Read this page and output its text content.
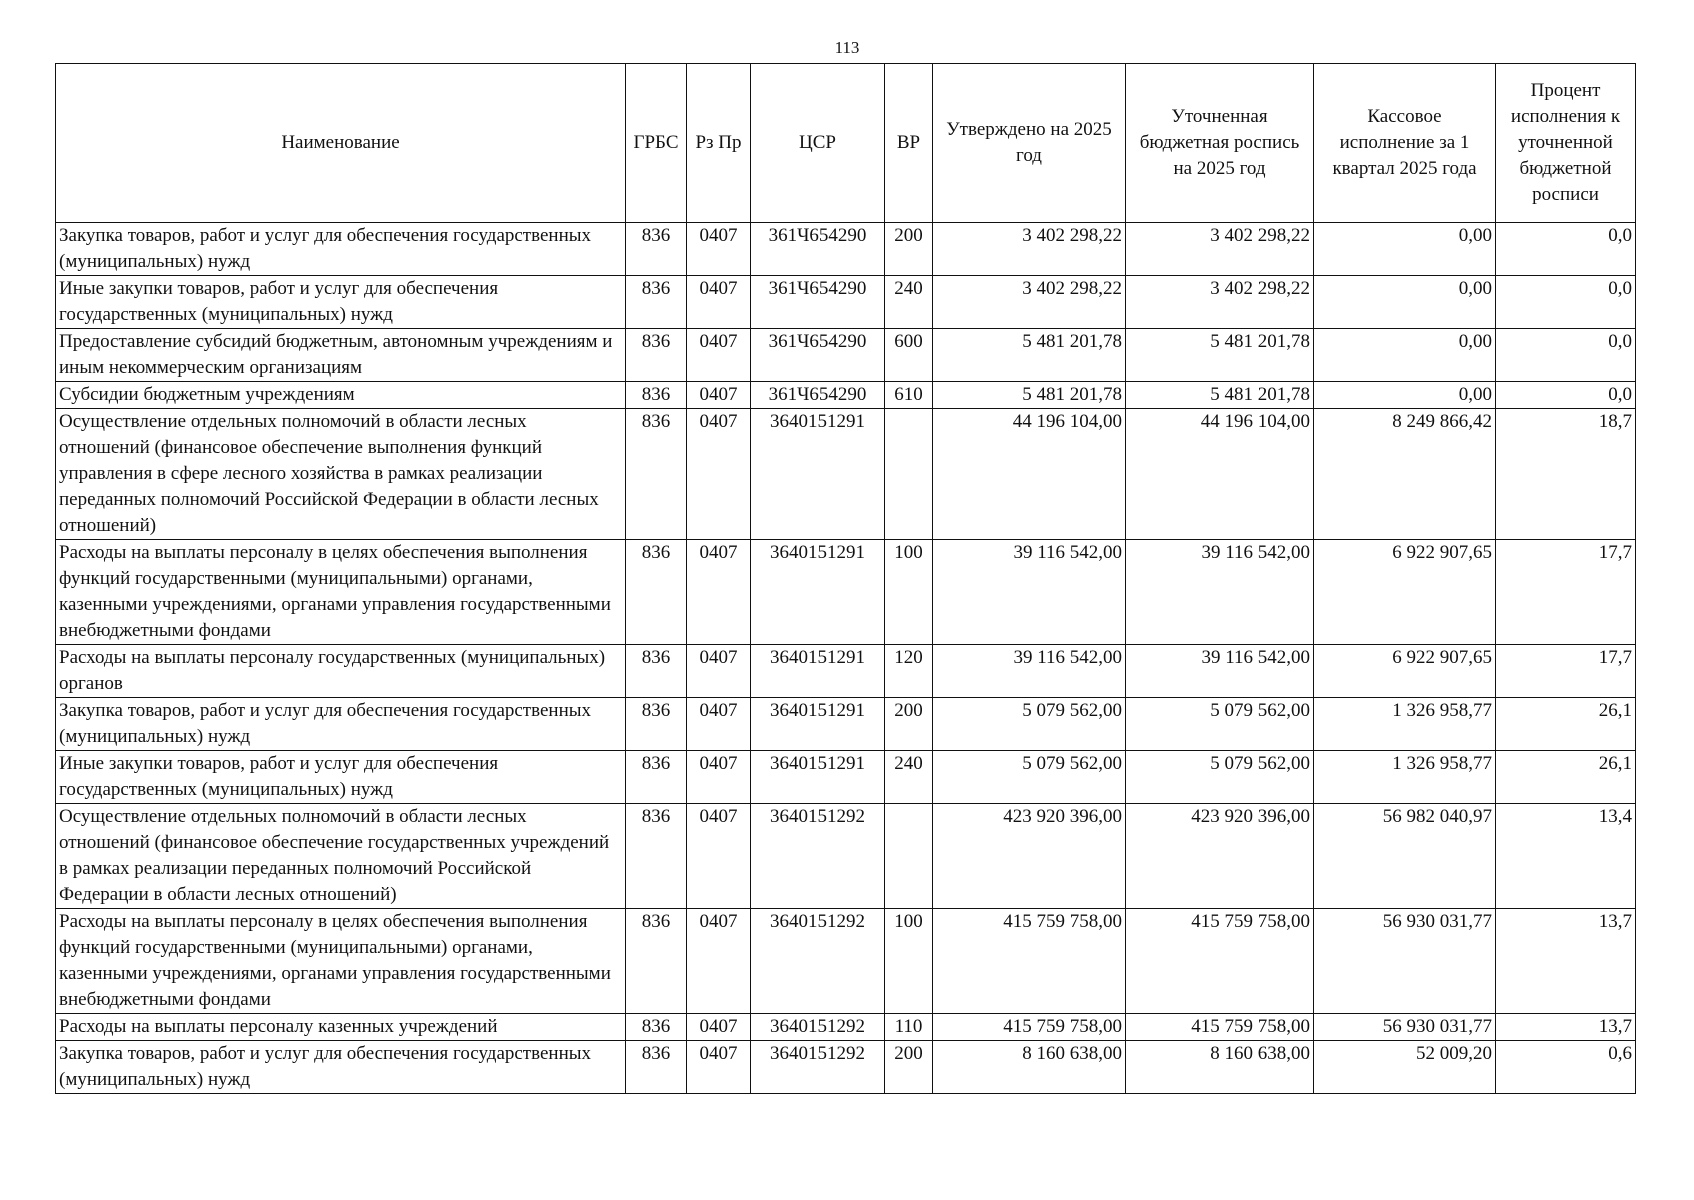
113
Наименование	ГРБС	Рз Пр	ЦСР	ВР	Утверждено на 2025 год	Уточненная бюджетная роспись на 2025 год	Кассовое исполнение за 1 квартал 2025 года	Процент исполнения к уточненной бюджетной росписи
Закупка товаров, работ и услуг для обеспечения государственных (муниципальных) нужд	836	0407	361Ч654290	200	3 402 298,22	3 402 298,22	0,00	0,0
Иные закупки товаров, работ и услуг для обеспечения государственных (муниципальных) нужд	836	0407	361Ч654290	240	3 402 298,22	3 402 298,22	0,00	0,0
Предоставление субсидий бюджетным, автономным учреждениям и иным некоммерческим организациям	836	0407	361Ч654290	600	5 481 201,78	5 481 201,78	0,00	0,0
Субсидии бюджетным учреждениям	836	0407	361Ч654290	610	5 481 201,78	5 481 201,78	0,00	0,0
Осуществление отдельных полномочий в области лесных отношений (финансовое обеспечение выполнения функций управления в сфере лесного хозяйства в рамках реализации переданных полномочий Российской Федерации в области лесных отношений)	836	0407	3640151291		44 196 104,00	44 196 104,00	8 249 866,42	18,7
Расходы на выплаты персоналу в целях обеспечения выполнения функций государственными (муниципальными) органами, казенными учреждениями, органами управления государственными внебюджетными фондами	836	0407	3640151291	100	39 116 542,00	39 116 542,00	6 922 907,65	17,7
Расходы на выплаты персоналу государственных (муниципальных) органов	836	0407	3640151291	120	39 116 542,00	39 116 542,00	6 922 907,65	17,7
Закупка товаров, работ и услуг для обеспечения государственных (муниципальных) нужд	836	0407	3640151291	200	5 079 562,00	5 079 562,00	1 326 958,77	26,1
Иные закупки товаров, работ и услуг для обеспечения государственных (муниципальных) нужд	836	0407	3640151291	240	5 079 562,00	5 079 562,00	1 326 958,77	26,1
Осуществление отдельных полномочий в области лесных отношений (финансовое обеспечение государственных учреждений в рамках реализации переданных полномочий Российской Федерации в области лесных отношений)	836	0407	3640151292		423 920 396,00	423 920 396,00	56 982 040,97	13,4
Расходы на выплаты персоналу в целях обеспечения выполнения функций государственными (муниципальными) органами, казенными учреждениями, органами управления государственными внебюджетными фондами	836	0407	3640151292	100	415 759 758,00	415 759 758,00	56 930 031,77	13,7
Расходы на выплаты персоналу казенных учреждений	836	0407	3640151292	110	415 759 758,00	415 759 758,00	56 930 031,77	13,7
Закупка товаров, работ и услуг для обеспечения государственных (муниципальных) нужд	836	0407	3640151292	200	8 160 638,00	8 160 638,00	52 009,20	0,6
